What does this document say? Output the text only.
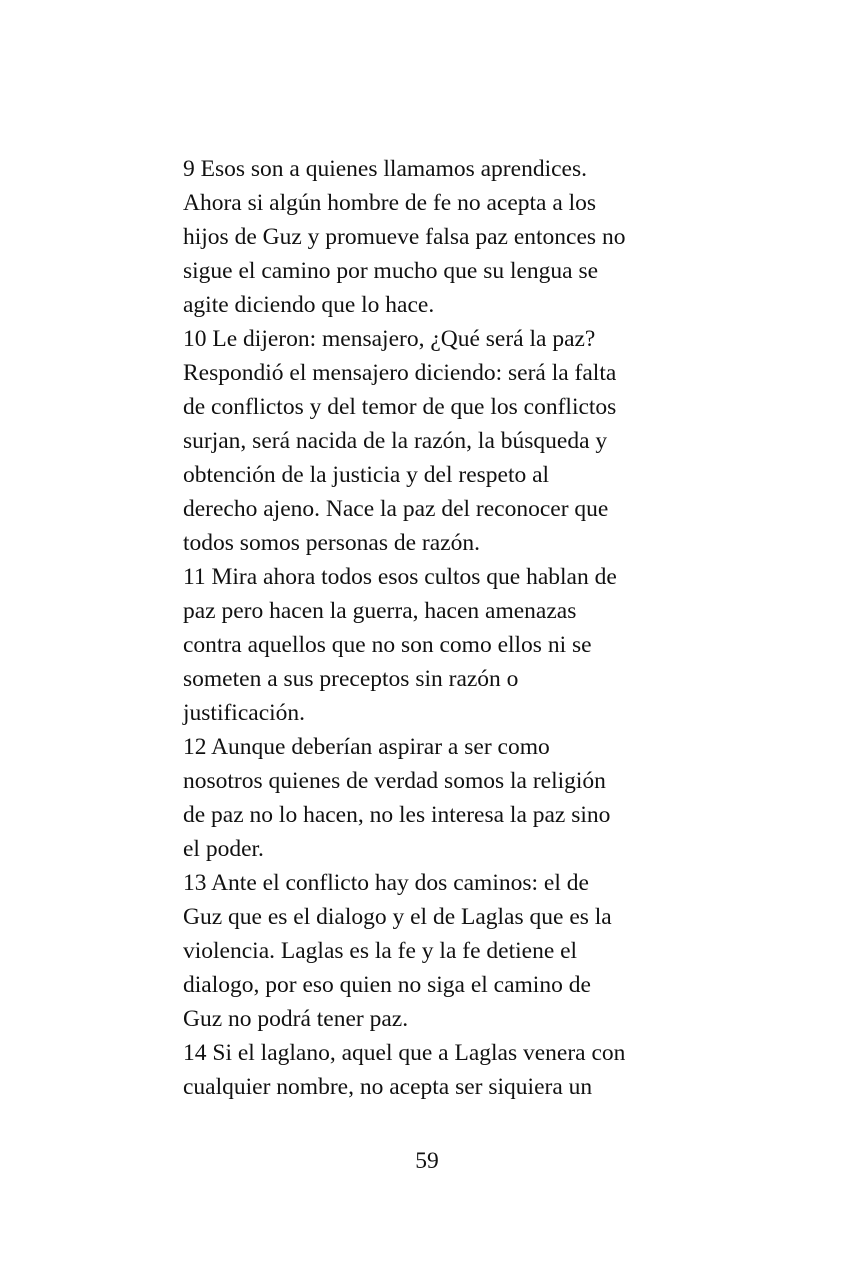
9 Esos son a quienes llamamos aprendices.
Ahora si algún hombre de fe no acepta a los
hijos de Guz y promueve falsa paz entonces no
sigue el camino por mucho que su lengua se
agite diciendo que lo hace.
10 Le dijeron: mensajero, ¿Qué será la paz?
Respondió el mensajero diciendo: será la falta
de conflictos y del temor de que los conflictos
surjan, será nacida de la razón, la búsqueda y
obtención de la justicia y del respeto al
derecho ajeno. Nace la paz del reconocer que
todos somos personas de razón.
11 Mira ahora todos esos cultos que hablan de
paz pero hacen la guerra, hacen amenazas
contra aquellos que no son como ellos ni se
someten a sus preceptos sin razón o
justificación.
12 Aunque deberían aspirar a ser como
nosotros quienes de verdad somos la religión
de paz no lo hacen, no les interesa la paz sino
el poder.
13 Ante el conflicto hay dos caminos: el de
Guz que es el dialogo y el de Laglas que es la
violencia. Laglas es la fe y la fe detiene el
dialogo, por eso quien no siga el camino de
Guz no podrá tener paz.
14 Si el laglano, aquel que a Laglas venera con
cualquier nombre, no acepta ser siquiera un
59
